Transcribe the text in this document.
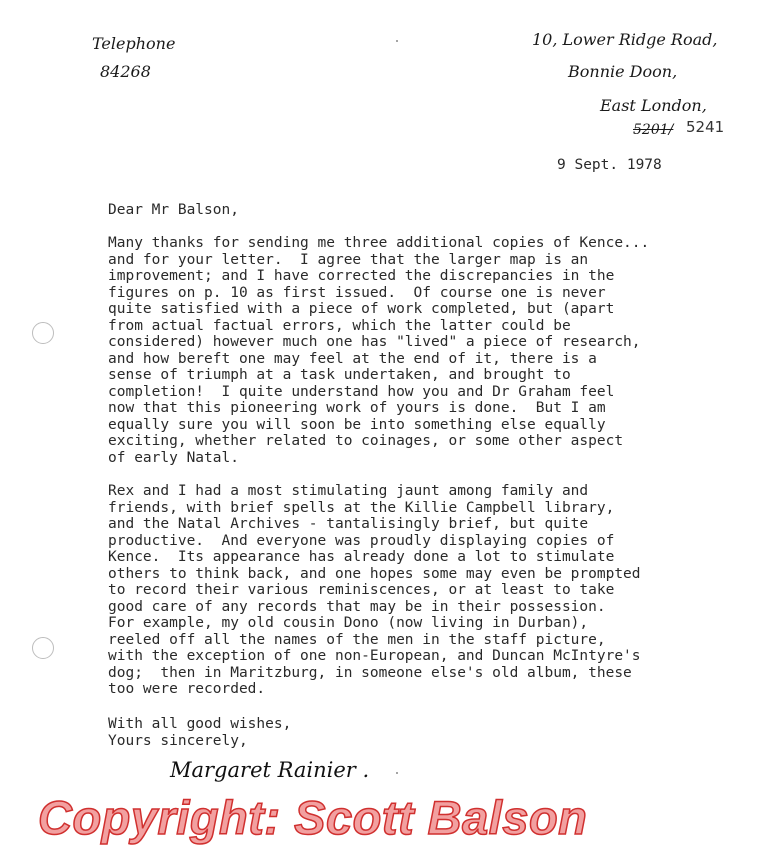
Telephone
84268
10, Lower Ridge Road,
Bonnie Doon,
East London,
5201/ 5241
9 Sept. 1978
Dear Mr Balson,

Many thanks for sending me three additional copies of Kence...
and for your letter.  I agree that the larger map is an
improvement; and I have corrected the discrepancies in the
figures on p. 10 as first issued.  Of course one is never
quite satisfied with a piece of work completed, but (apart
from actual factual errors, which the latter could be
considered) however much one has "lived" a piece of research,
and how bereft one may feel at the end of it, there is a
sense of triumph at a task undertaken, and brought to
completion!  I quite understand how you and Dr Graham feel
now that this pioneering work of yours is done.  But I am
equally sure you will soon be into something else equally
exciting, whether related to coinages, or some other aspect
of early Natal.

Rex and I had a most stimulating jaunt among family and
friends, with brief spells at the Killie Campbell library,
and the Natal Archives - tantalisingly brief, but quite
productive.  And everyone was proudly displaying copies of
Kence.  Its appearance has already done a lot to stimulate
others to think back, and one hopes some may even be prompted
to record their various reminiscences, or at least to take
good care of any records that may be in their possession.
For example, my old cousin Dono (now living in Durban),
reeled off all the names of the men in the staff picture,
with the exception of one non-European, and Duncan McIntyre's
dog;  then in Maritzburg, in someone else's old album, these
too were recorded.

With all good wishes,
Yours sincerely,

Margaret Rainier .
Copyright: Scott Balson
